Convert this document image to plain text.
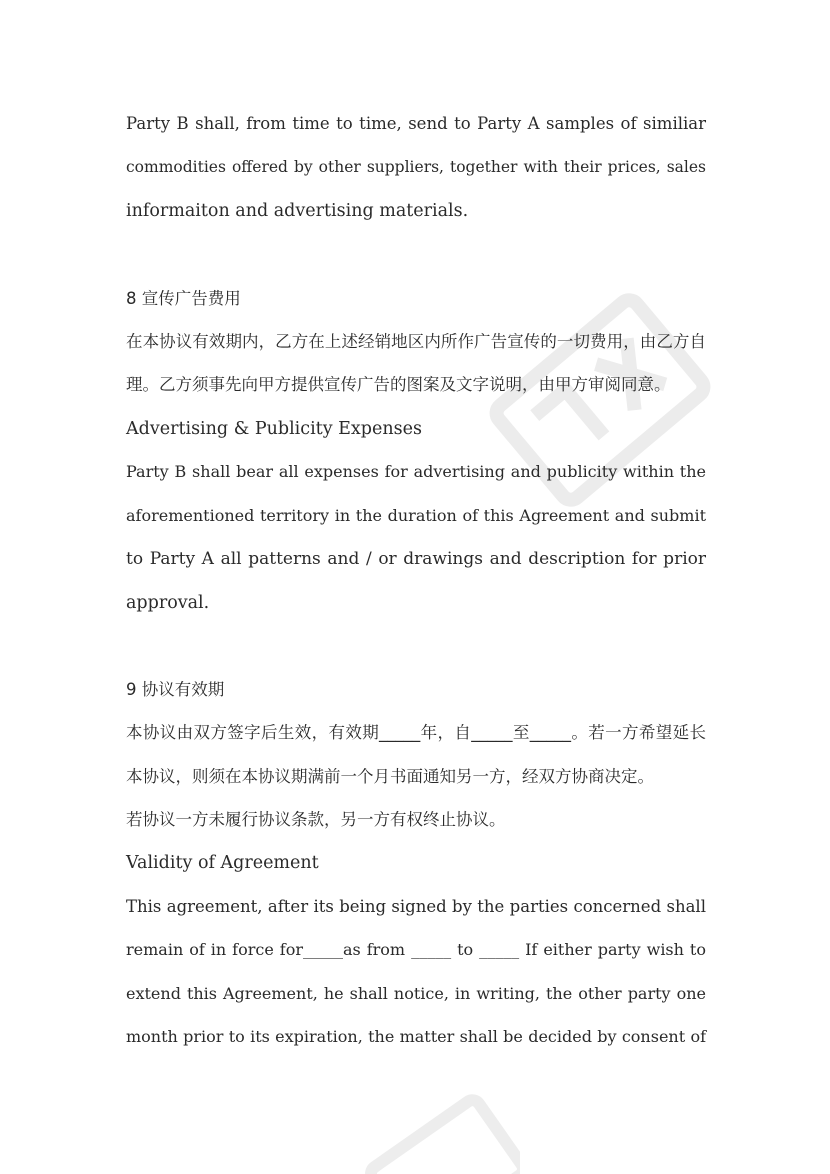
Party B shall, from time to time, send to Party A samples of similiar

commodities offered by other suppliers, together with their prices, sales

informaiton and advertising materials.

8 宣传广告费用

在本协议有效期内，乙方在上述经销地区内所作广告宣传的一切费用，由乙方自

理。乙方须事先向甲方提供宣传广告的图案及文字说明，由甲方审阅同意。

Advertising & Publicity Expenses

Party B shall bear all expenses for advertising and publicity within the

aforementioned territory in the duration of this Agreement and submit

to Party A all patterns and / or drawings and description for prior

approval.

9 协议有效期

本协议由双方签字后生效，有效期_____年，自_____至_____。若一方希望延长

本协议，则须在本协议期满前一个月书面通知另一方，经双方协商决定。

若协议一方未履行协议条款，另一方有权终止协议。

Validity of Agreement

This agreement, after its being signed by the parties concerned shall

remain of in force for_____as from _____ to _____ If either party wish to

extend this Agreement, he shall notice, in writing, the other party one

month prior to its expiration, the matter shall be decided by consent of
